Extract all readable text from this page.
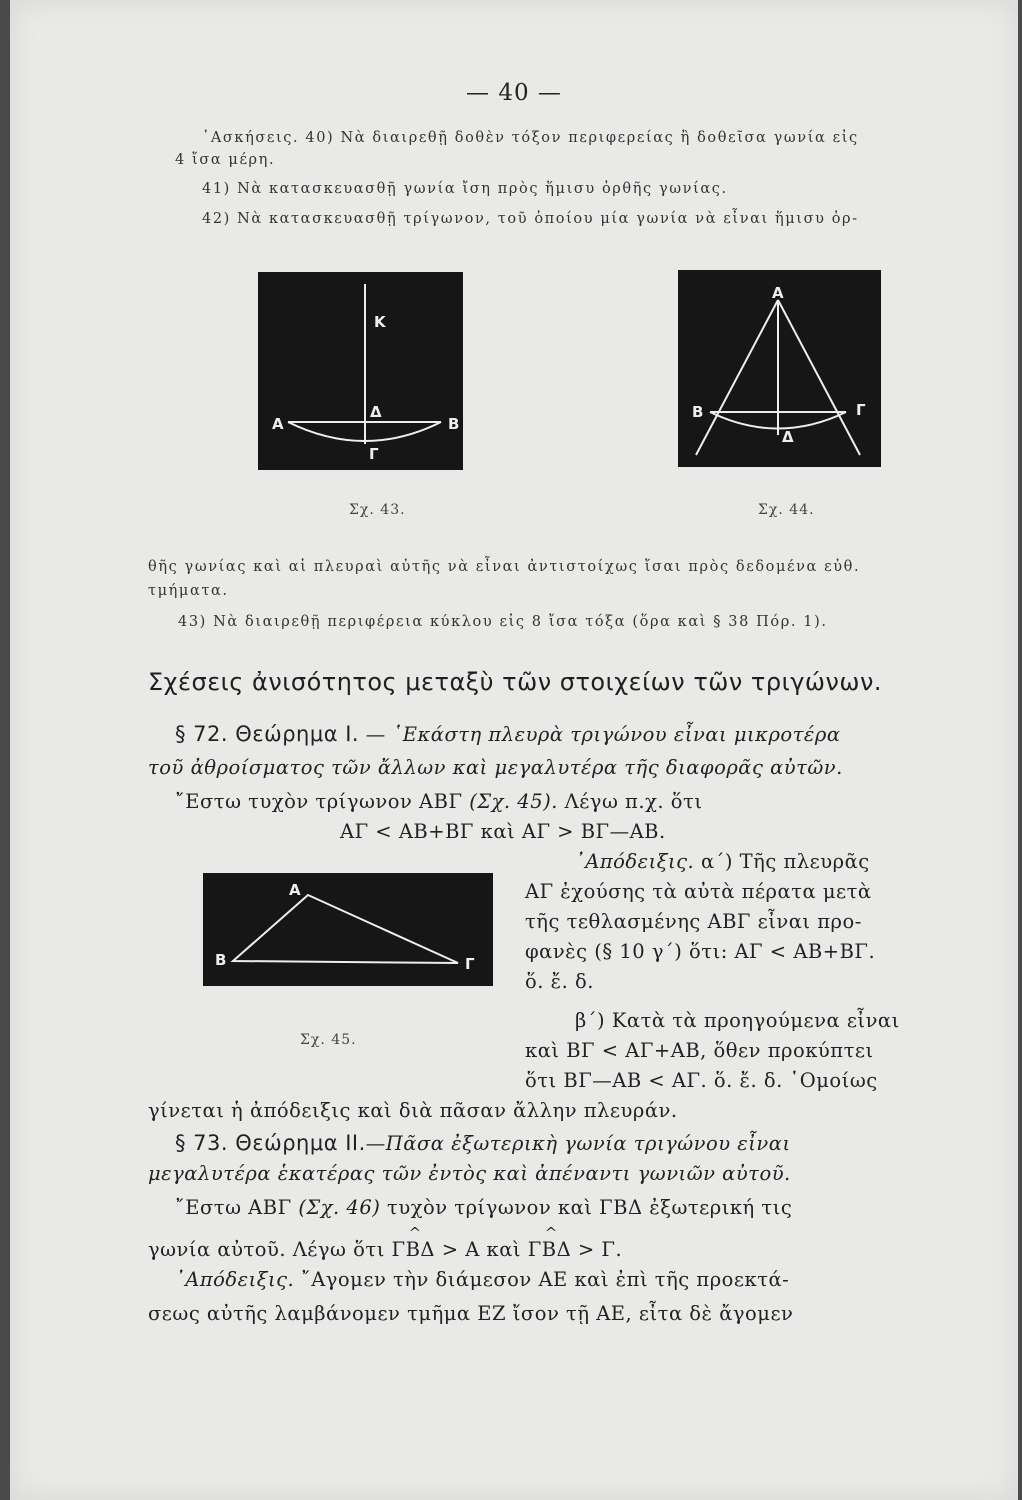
— 40 —
᾿Ασκήσεις. 40) Νὰ διαιρεθῇ δοθὲν τόξον περιφερείας ἢ δοθεῖσα γωνία εἰς
4 ἴσα μέρη.
41) Νὰ κατασκευασθῇ γωνία ἴση πρὸς ἥμισυ ὀρθῆς γωνίας.
42) Νὰ κατασκευασθῇ τρίγωνον, τοῦ ὁποίου μία γωνία νὰ εἶναι ἥμισυ ὀρ-
Κ
Α
Δ
Β
Γ
Α
Β	Γ
Δ
Σχ. 43.	Σχ. 44.
θῆς γωνίας καὶ αἱ πλευραὶ αὐτῆς νὰ εἶναι ἀντιστοίχως ἴσαι πρὸς δεδομένα εὐθ.
τμήματα.
43) Νὰ διαιρεθῇ περιφέρεια κύκλου εἰς 8 ἴσα τόξα (ὅρα καὶ § 38 Πόρ. 1).
Σχέσεις ἀνισότητος μεταξὺ τῶν στοιχείων τῶν τριγώνων.
§ 72. Θεώρημα Ι. — ῾Εκάστη πλευρὰ τριγώνου εἶναι μικροτέρα
τοῦ ἀθροίσματος τῶν ἄλλων καὶ μεγαλυτέρα τῆς διαφορᾶς αὐτῶν.
῎Εστω τυχὸν τρίγωνον ΑΒΓ (Σχ. 45). Λέγω π.χ. ὅτι
ΑΓ < ΑΒ+ΒΓ καὶ ΑΓ > ΒΓ—ΑΒ.
Α
Β	Γ
Σχ. 45.
᾿Απόδειξις. α΄) Τῆς πλευρᾶς
ΑΓ ἐχούσης τὰ αὐτὰ πέρατα μετὰ
τῆς τεθλασμένης ΑΒΓ εἶναι προ-
φανὲς (§ 10 γ΄) ὅτι: ΑΓ < ΑΒ+ΒΓ.
ὅ. ἔ. δ.
β΄) Κατὰ τὰ προηγούμενα εἶναι
καὶ ΒΓ < ΑΓ+ΑΒ, ὅθεν προκύπτει
ὅτι ΒΓ—ΑΒ < ΑΓ. ὅ. ἔ. δ. ῾Ομοίως
γίνεται ἡ ἀπόδειξις καὶ διὰ πᾶσαν ἄλλην πλευράν.
§ 73. Θεώρημα ΙΙ.—Πᾶσα ἐξωτερικὴ γωνία τριγώνου εἶναι
μεγαλυτέρα ἑκατέρας τῶν ἐντὸς καὶ ἀπέναντι γωνιῶν αὐτοῦ.
῎Εστω ΑΒΓ (Σχ. 46) τυχὸν τρίγωνον καὶ ΓΒΔ ἐξωτερική τις
γωνία αὐτοῦ. Λέγω ὅτι Γ^ ΒΔ > Α καὶ Γ^ ΒΔ > Γ.
᾿Απόδειξις. ῎Αγομεν τὴν διάμεσον ΑΕ καὶ ἐπὶ τῆς προεκτά-
σεως αὐτῆς λαμβάνομεν τμῆμα ΕΖ ἴσον τῇ ΑΕ, εἶτα δὲ ἄγομεν
